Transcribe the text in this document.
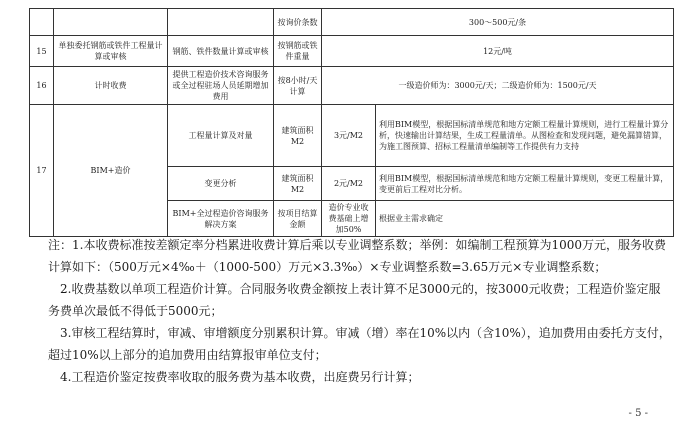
			按询价条数	300～500元/条	
15	单独委托钢筋或铁件工程量计算或审核	钢筋、铁件数量计算或审核	按钢筋或铁件重量	12元/吨	
16	计时收费	提供工程造价技术咨询服务或全过程驻场人员延期增加费用	按8小时/天计算	一级造价师为：3000元/天；二级造价师为：1500元/天	
17	BIM+造价	工程量计算及对量	建筑面积M2	3元/M2	利用BIM模型，根据国标清单规范和地方定额工程量计算规则，进行工程量计算分析，快速输出计算结果，生成工程量清单。从图检查和发现问题，避免漏算错算，为施工图预算、招标工程量清单编制等工作提供有力支持
		变更分析	建筑面积M2	2元/M2	利用BIM模型，根据国标清单规范和地方定额工程量计算规则，变更工程量计算，变更前后工程对比分析。
		BIM+全过程造价咨询服务解决方案	按项目结算金额	造价专业收费基础上增加50%	根据业主需求确定

注：1.本收费标准按差额定率分档累进收费计算后乘以专业调整系数；举例：如编制工程预算为1000万元，服务收费计算如下：（500万元×4‰＋（1000-500）万元×3.3‰）×专业调整系数=3.65万元×专业调整系数；

2.收费基数以单项工程造价计算。合同服务收费金额按上表计算不足3000元的，按3000元收费；工程造价鉴定服务费单次最低不得低于5000元；

3.审核工程结算时，审减、审增额度分别累积计算。审减（增）率在10%以内（含10%），追加费用由委托方支付，超过10%以上部分的追加费用由结算报审单位支付；

4.工程造价鉴定按费率收取的服务费为基本收费，出庭费另行计算；

- 5 -
